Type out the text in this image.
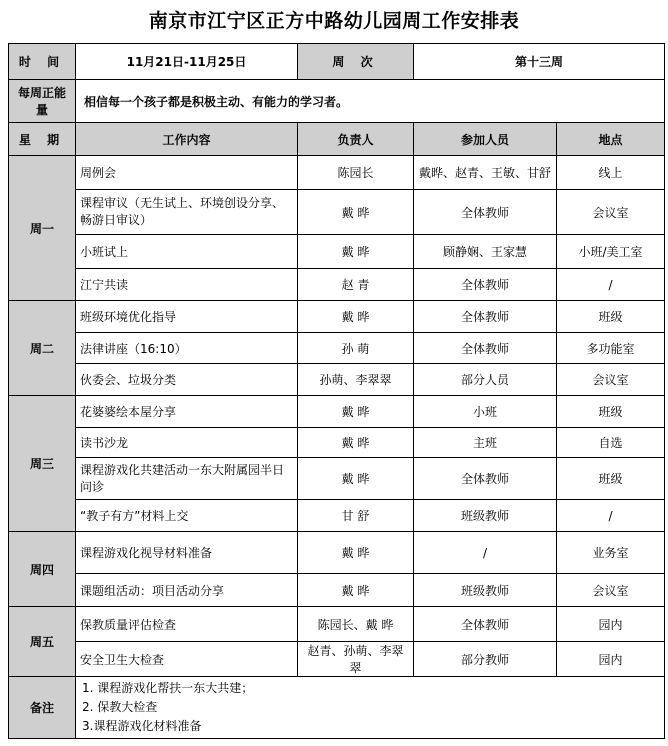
南京市江宁区正方中路幼儿园周工作安排表
时 间	11月21日-11月25日	周 次	第十三周	
每周正能量	相信每一个孩子都是积极主动、有能力的学习者。			
星 期	工作内容	负责人	参加人员	地点
周一	周例会	陈园长	戴晔、赵青、王敏、甘舒	线上
	课程审议（无生试上、环境创设分享、畅游日审议）	戴 晔	全体教师	会议室
	小班试上	戴 晔	顾静娴、王家慧	小班/美工室
	江宁共读	赵 青	全体教师	/
周二	班级环境优化指导	戴 晔	全体教师	班级
	法律讲座（16:10）	孙 萌	全体教师	多功能室
	伙委会、垃圾分类	孙萌、李翠翠	部分人员	会议室
周三	花婆婆绘本屋分享	戴 晔	小班	班级
	读书沙龙	戴 晔	主班	自选
	课程游戏化共建活动一东大附属园半日问诊	戴 晔	全体教师	班级
	“教子有方”材料上交	甘 舒	班级教师	/
周四	课程游戏化视导材料准备	戴 晔	/	业务室
	课题组活动：项目活动分享	戴 晔	班级教师	会议室
周五	保教质量评估检查	陈园长、戴 晔	全体教师	园内
	安全卫生大检查	赵青、孙萌、李翠翠	部分教师	园内
备注	1. 课程游戏化帮扶一东大共建；
2. 保教大检查
3.课程游戏化材料准备			
